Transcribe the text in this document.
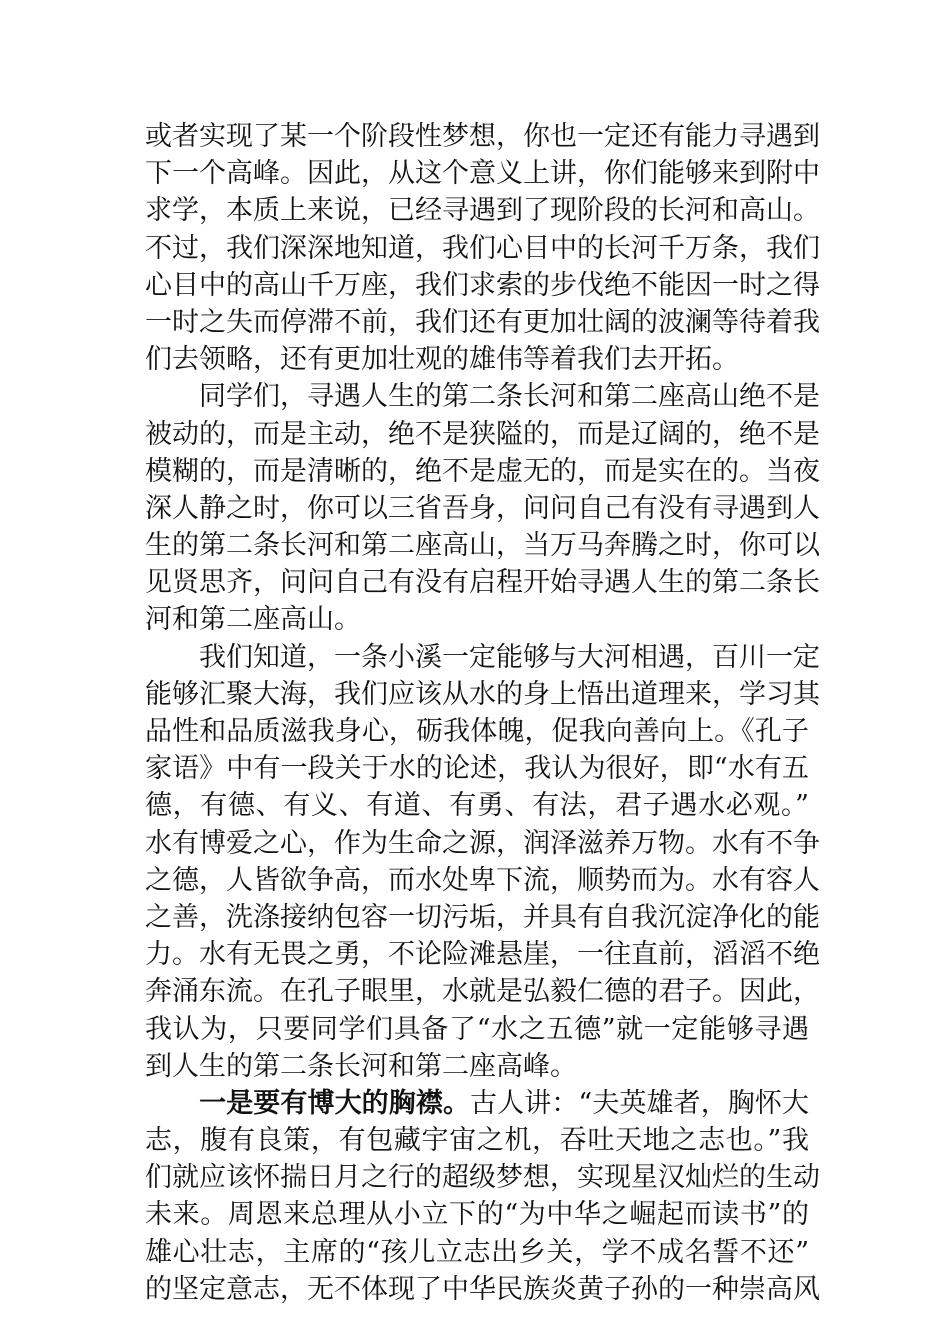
或者实现了某一个阶段性梦想，你也一定还有能力寻遇到
下一个高峰。因此，从这个意义上讲，你们能够来到附中
求学，本质上来说，已经寻遇到了现阶段的长河和高山。
不过，我们深深地知道，我们心目中的长河千万条，我们
心目中的高山千万座，我们求索的步伐绝不能因一时之得
一时之失而停滞不前，我们还有更加壮阔的波澜等待着我
们去领略，还有更加壮观的雄伟等着我们去开拓。
同学们，寻遇人生的第二条长河和第二座高山绝不是
被动的，而是主动，绝不是狭隘的，而是辽阔的，绝不是
模糊的，而是清晰的，绝不是虚无的，而是实在的。当夜
深人静之时，你可以三省吾身，问问自己有没有寻遇到人
生的第二条长河和第二座高山，当万马奔腾之时，你可以
见贤思齐，问问自己有没有启程开始寻遇人生的第二条长
河和第二座高山。
我们知道，一条小溪一定能够与大河相遇，百川一定
能够汇聚大海，我们应该从水的身上悟出道理来，学习其
品性和品质滋我身心，砺我体魄，促我向善向上。《孔子
家语》中有一段关于水的论述，我认为很好，即“水有五
德，有德、有义、有道、有勇、有法，君子遇水必观。”
水有博爱之心，作为生命之源，润泽滋养万物。水有不争
之德，人皆欲争高，而水处卑下流，顺势而为。水有容人
之善，洗涤接纳包容一切污垢，并具有自我沉淀净化的能
力。水有无畏之勇，不论险滩悬崖，一往直前，滔滔不绝
奔涌东流。在孔子眼里，水就是弘毅仁德的君子。因此，
我认为，只要同学们具备了“水之五德”就一定能够寻遇
到人生的第二条长河和第二座高峰。
一是要有博大的胸襟。古人讲：“夫英雄者，胸怀大
志，腹有良策，有包藏宇宙之机，吞吐天地之志也。”我
们就应该怀揣日月之行的超级梦想，实现星汉灿烂的生动
未来。周恩来总理从小立下的“为中华之崛起而读书”的
雄心壮志，主席的“孩儿立志出乡关，学不成名誓不还”
的坚定意志，无不体现了中华民族炎黄子孙的一种崇高风
